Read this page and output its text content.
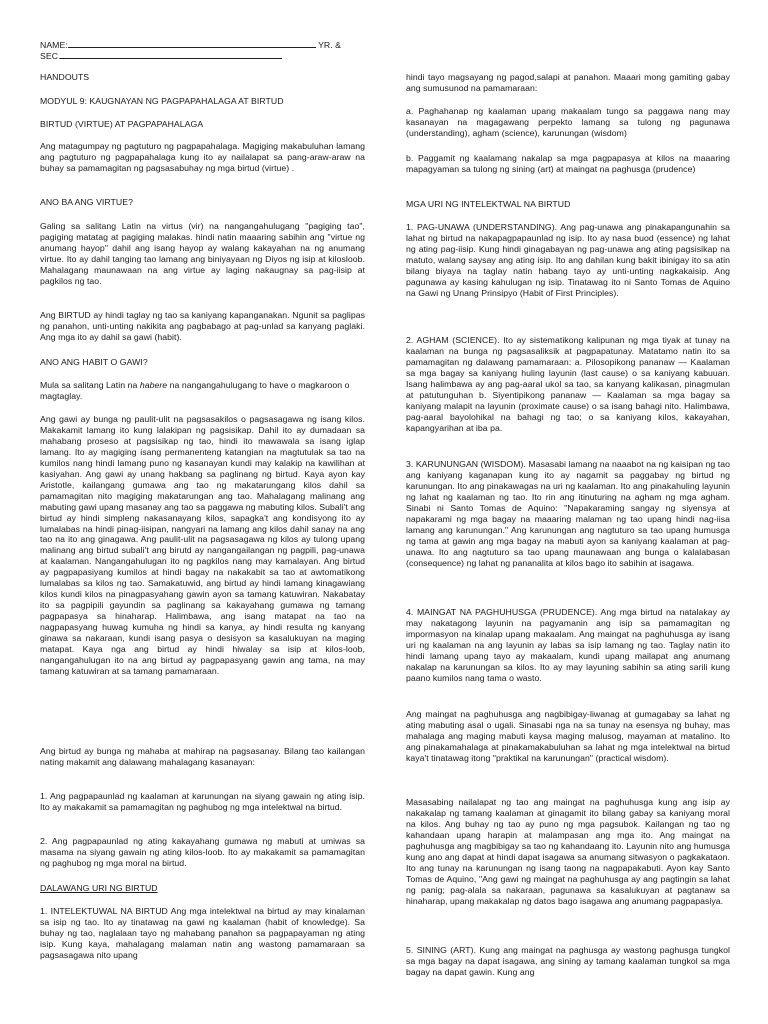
NAME:	YR. &

SEC.

HANDOUTS

MODYUL 9: KAUGNAYAN NG PAGPAPAHALAGA AT BIRTUD

BIRTUD (VIRTUE) AT PAGPAPAHALAGA

Ang matagumpay ng pagtuturo ng pagpapahalaga. Magiging makabuluhan lamang ang pagtuturo ng pagpapahalaga kung ito ay nailalapat sa pang-araw-araw na buhay sa pamamagitan ng pagsasabuhay ng mga birtud (virtue) .

ANO BA ANG VIRTUE?

Galing sa salitang Latin na virtus (vir) na nangangahulugang "pagiging tao", pagiging matatag at pagiging malakas. hindi natin maaaring sabihin ang "virtue ng anumang hayop" dahil ang isang hayop ay walang kakayahan na ng anumang virtue. Ito ay dahil tanging tao lamang ang biniyayaan ng Diyos ng isip at kilosloob. Mahalagang maunawaan na ang virtue ay laging nakaugnay sa pag-iisip at pagkilos ng tao.

Ang BIRTUD ay hindi taglay ng tao sa kaniyang kapanganakan. Ngunit sa paglipas ng panahon, unti-unting nakikita ang pagbabago at pag-unlad sa kanyang paglaki. Ang mga ito ay dahil sa gawi (habit).

ANO ANG HABIT O GAWI?

Mula sa salitang Latin na habere na nangangahulugang to have o magkaroon o magtaglay.

Ang gawi ay bunga ng paulit-ulit na pagsasakilos o pagsasagawa ng isang kilos. Makakamit lamang ito kung lalakipan ng pagsisikap. Dahil ito ay dumadaan sa mahabang proseso at pagsisikap ng tao, hindi ito mawawala sa isang iglap lamang. Ito ay magiging isang permanenteng katangian na magtutulak sa tao na kumilos nang hindi lamang puno ng kasanayan kundi may kalakip na kawilihan at kasiyahan. Ang gawi ay unang hakbang sa paglinang ng birtud. Kaya ayon kay Aristotle, kailangang gumawa ang tao ng makatarungang kilos dahil sa pamamagitan nito magiging makatarungan ang tao. Mahalagang malinang ang mabuting gawi upang masanay ang tao sa paggawa ng mabuting kilos. Subali't ang birtud ay hindi simpleng nakasanayang kilos, sapagka't ang kondisyong ito ay lumalabas na hindi pinag-iisipan, nangyari na lamang ang kilos dahil sanay na ang tao na ito ang ginagawa. Ang paulit-ulit na pagsasagawa ng kilos ay tulong upang malinang ang birtud subali't ang birutd ay nangangailangan ng pagpili, pag-unawa at kaalaman. Nangangahulugan ito ng pagkilos nang may kamalayan. Ang birtud ay pagpapasiyang kumilos at hindi bagay na nakakabit sa tao at awtomatikong lumalabas sa kilos ng tao. Samakatuwid, ang birtud ay hindi lamang kinagawiang kilos kundi kilos na pinagpasyahang gawin ayon sa tamang katuwiran. Nakabatay ito sa pagpipili gayundin sa paglinang sa kakayahang gumawa ng tamang pagpapasya sa hinaharap. Halimbawa, ang isang matapat na tao na nagpapasyang huwag kumuha ng hindi sa kanya, ay hindi resulta ng kanyang ginawa sa nakaraan, kundi isang pasya o desisyon sa kasalukuyan na maging matapat. Kaya nga ang birtud ay hindi hiwalay sa isip at kilos-loob, nangangahulugan ito na ang birtud ay pagpapasyang gawin ang tama, na may tamang katuwiran at sa tamang pamamaraan.

Ang birtud ay bunga ng mahaba at mahirap na pagsasanay. Bilang tao kailangan nating makamit ang dalawang mahalagang kasanayan:

1. Ang pagpapaunlad ng kaalaman at karunungan na siyang gawain ng ating isip. Ito ay makakamit sa pamamagitan ng paghubog ng mga intelektwal na birtud.

2. Ang pagpapaunlad ng ating kakayahang gumawa ng mabuti at umiwas sa masama na siyang gawain ng ating kilos-loob. Ito ay makakamit sa pamamagitan ng paghubog ng mga moral na birtud.

DALAWANG URI NG BIRTUD

1. INTELEKTUWAL NA BIRTUD Ang mga intelektwal na birtud ay may kinalaman sa isip ng tao. Ito ay tinatawag na gawi ng kaalaman (habit of knowledge). Sa buhay ng tao, naglalaan tayo ng mahabang panahon sa pagpapayaman ng ating isip. Kung kaya, mahalagang malaman natin ang wastong pamamaraan sa pagsasagawa nito upang

hindi tayo magsayang ng pagod,salapi at panahon. Maaari mong gamiting gabay ang sumusunod na pamamaraan:

a. Paghahanap ng kaalaman upang makaalam tungo sa paggawa nang may kasanayan na magagawang perpekto lamang sa tulong ng pagunawa (understanding), agham (science), karunungan (wisdom)

b. Paggamit ng kaalamang nakalap sa mga pagpapasya at kilos na maaaring mapagyaman sa tulong ng sining (art) at maingat na paghusga (prudence)

MGA URI NG INTELEKTWAL NA BIRTUD

1. PAG-UNAWA (UNDERSTANDING). Ang pag-unawa ang pinakapangunahin sa lahat ng birtud na nakapagpapaunlad ng isip. Ito ay nasa buod (essence) ng lahat ng ating pag-iisip. Kung hindi ginagabayan ng pag-unawa ang ating pagsisikap na matuto, walang saysay ang ating isip. Ito ang dahilan kung bakit ibinigay ito sa atin bilang biyaya na taglay natin habang tayo ay unti-unting nagkakaisip. Ang pagunawa ay kasing kahulugan ng isip. Tinatawag ito ni Santo Tomas de Aquino na Gawi ng Unang Prinsipyo (Habit of First Principles).

2. AGHAM (SCIENCE). Ito ay sistematikong kalipunan ng mga tiyak at tunay na kaalaman na bunga ng pagsasaliksik at pagpapatunay. Matatamo natin ito sa pamamagitan ng dalawang pamamaraan: a. Pilosopikong pananaw — Kaalaman sa mga bagay sa kaniyang huling layunin (last cause) o sa kaniyang kabuuan. Isang halimbawa ay ang pag-aaral ukol sa tao, sa kanyang kalikasan, pinagmulan at patutunguhan b. Siyentipikong pananaw — Kaalaman sa mga bagay sa kaniyang malapit na layunin (proximate cause) o sa isang bahagi nito. Halimbawa, pag-aaral bayolohikal na bahagi ng tao; o sa kaniyang kilos, kakayahan, kapangyarihan at iba pa.

3. KARUNUNGAN (WISDOM). Masasabi lamang na naaabot na ng kaisipan ng tao ang kaniyang kaganapan kung ito ay nagamit sa paggabay ng birtud ng karunungan. Ito ang pinakawagas na uri ng kaalaman. Ito ang pinakahuling layunin ng lahat ng kaalaman ng tao. Ito rin ang itinuturing na agham ng mga agham. Sinabi ni Santo Tomas de Aquino: "Napakaraming sangay ng siyensya at napakarami ng mga bagay na maaaring malaman ng tao upang hindi nag-iisa lamang ang karunungan." Ang karunungan ang nagtuturo sa tao upang humusga ng tama at gawin ang mga bagay na mabuti ayon sa kaniyang kaalaman at pag-unawa. Ito ang nagtuturo sa tao upang maunawaan ang bunga o kalalabasan (consequence) ng lahat ng pananalita at kilos bago ito sabihin at isagawa.

4. MAINGAT NA PAGHUHUSGA (PRUDENCE). Ang mga birtud na natalakay ay may nakatagong layunin na pagyamanin ang isip sa pamamagitan ng impormasyon na kinalap upang makaalam. Ang maingat na paghuhusga ay isang uri ng kaalaman na ang layunin ay labas sa isip lamang ng tao. Taglay natin ito hindi lamang upang tayo ay makaalam, kundi upang mailapat ang anumang nakalap na karunungan sa kilos. Ito ay may layuning sabihin sa ating sarili kung paano kumilos nang tama o wasto.

Ang maingat na paghuhusga ang nagbibigay-liwanag at gumagabay sa lahat ng ating mabuting asal o ugali. Sinasabi nga na sa tunay na esensya ng buhay, mas mahalaga ang maging mabuti kaysa maging malusog, mayaman at matalino. Ito ang pinakamahalaga at pinakamakabuluhan sa lahat ng mga intelektwal na birtud kaya't tinatawag itong "praktikal na karunungan" (practical wisdom).

Masasabing nailalapat ng tao ang maingat na paghuhusga kung ang isip ay nakakalap ng tamang kaalaman at ginagamit ito bilang gabay sa kaniyang moral na kilos. Ang buhay ng tao ay puno ng mga pagsubok. Kailangan ng tao ng kahandaan upang harapin at malampasan ang mga ito. Ang maingat na paghuhusga ang magbibigay sa tao ng kahandaang ito. Layunin nito ang humusga kung ano ang dapat at hindi dapat isagawa sa anumang sitwasyon o pagkakataon. Ito ang tunay na karunungan ng isang taong na nagpapakabuti. Ayon kay Santo Tomas de Aquino, "Ang gawi ng maingat na paghuhusga ay ang pagtingin sa lahat ng panig; pag-alala sa nakaraan, pagunawa sa kasalukuyan at pagtanaw sa hinaharap, upang makakalap ng datos bago isagawa ang anumang pagpapasiya.

5. SINING (ART). Kung ang maingat na paghusga ay wastong paghusga tungkol sa mga bagay na dapat isagawa, ang sining ay tamang kaalaman tungkol sa mga bagay na dapat gawin. Kung ang
